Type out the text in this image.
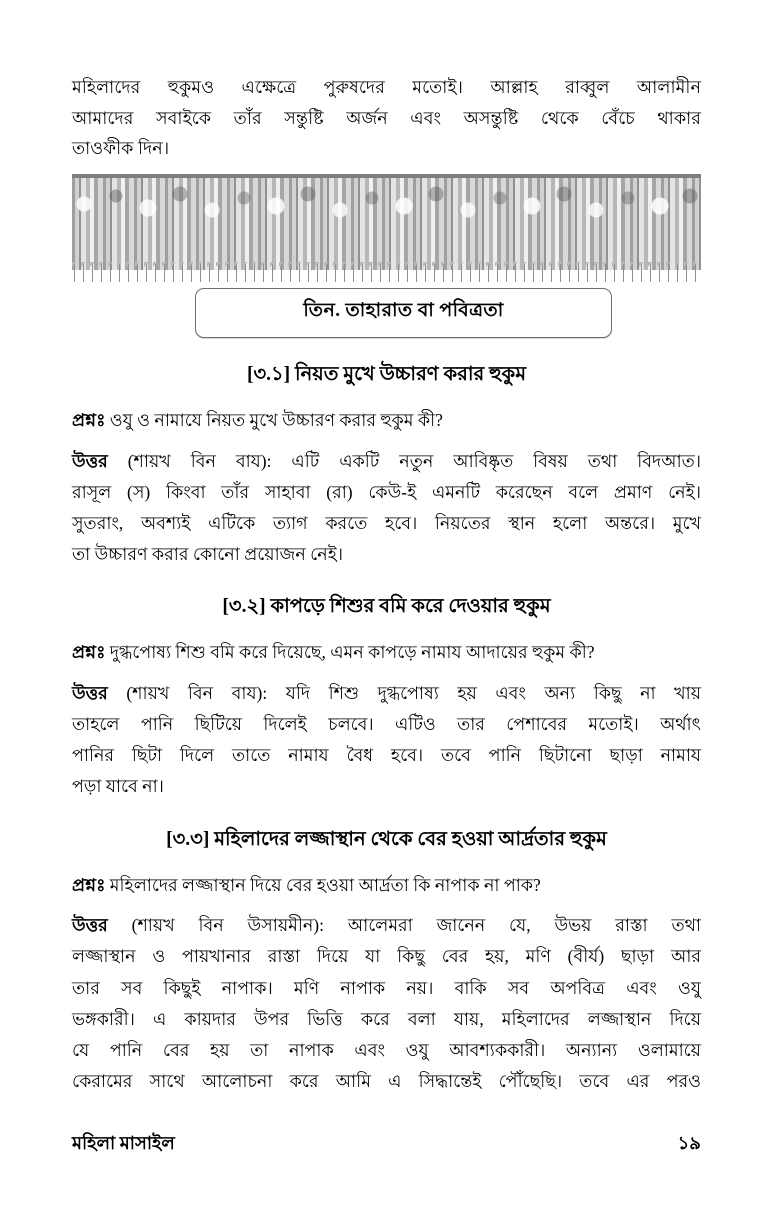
মহিলাদের হুকুমও এক্ষেত্রে পুরুষদের মতোই। আল্লাহ রাব্বুল আলামীন
আমাদের সবাইকে তাঁর সন্তুষ্টি অর্জন এবং অসন্তুষ্টি থেকে বেঁচে থাকার
তাওফীক দিন।
তিন. তাহারাত বা পবিত্রতা
[৩.১] নিয়ত মুখে উচ্চারণ করার হুকুম

প্রশ্নঃ ওযু ও নামাযে নিয়ত মুখে উচ্চারণ করার হুকুম কী?

উত্তর (শায়খ বিন বায): এটি একটি নতুন আবিষ্কৃত বিষয় তথা বিদআত।
রাসূল (স) কিংবা তাঁর সাহাবা (রা) কেউ-ই এমনটি করেছেন বলে প্রমাণ নেই।
সুতরাং, অবশ্যই এটিকে ত্যাগ করতে হবে। নিয়তের স্থান হলো অন্তরে। মুখে
তা উচ্চারণ করার কোনো প্রয়োজন নেই।
[৩.২] কাপড়ে শিশুর বমি করে দেওয়ার হুকুম

প্রশ্নঃ দুগ্ধপোষ্য শিশু বমি করে দিয়েছে, এমন কাপড়ে নামায আদায়ের হুকুম কী?

উত্তর (শায়খ বিন বায): যদি শিশু দুগ্ধপোষ্য হয় এবং অন্য কিছু না খায়
তাহলে পানি ছিটিয়ে দিলেই চলবে। এটিও তার পেশাবের মতোই। অর্থাৎ
পানির ছিটা দিলে তাতে নামায বৈধ হবে। তবে পানি ছিটানো ছাড়া নামায
পড়া যাবে না।
[৩.৩] মহিলাদের লজ্জাস্থান থেকে বের হওয়া আর্দ্রতার হুকুম

প্রশ্নঃ মহিলাদের লজ্জাস্থান দিয়ে বের হওয়া আর্দ্রতা কি নাপাক না পাক?

উত্তর (শায়খ বিন উসায়মীন): আলেমরা জানেন যে, উভয় রাস্তা তথা
লজ্জাস্থান ও পায়খানার রাস্তা দিয়ে যা কিছু বের হয়, মণি (বীর্য) ছাড়া আর
তার সব কিছুই নাপাক। মণি নাপাক নয়। বাকি সব অপবিত্র এবং ওযু
ভঙ্গকারী। এ কায়দার উপর ভিত্তি করে বলা যায়, মহিলাদের লজ্জাস্থান দিয়ে
যে পানি বের হয় তা নাপাক এবং ওযু আবশ্যককারী। অন্যান্য ওলামায়ে
কেরামের সাথে আলোচনা করে আমি এ সিদ্ধান্তেই পৌঁছেছি। তবে এর পরও
মহিলা মাসাইল	১৯
